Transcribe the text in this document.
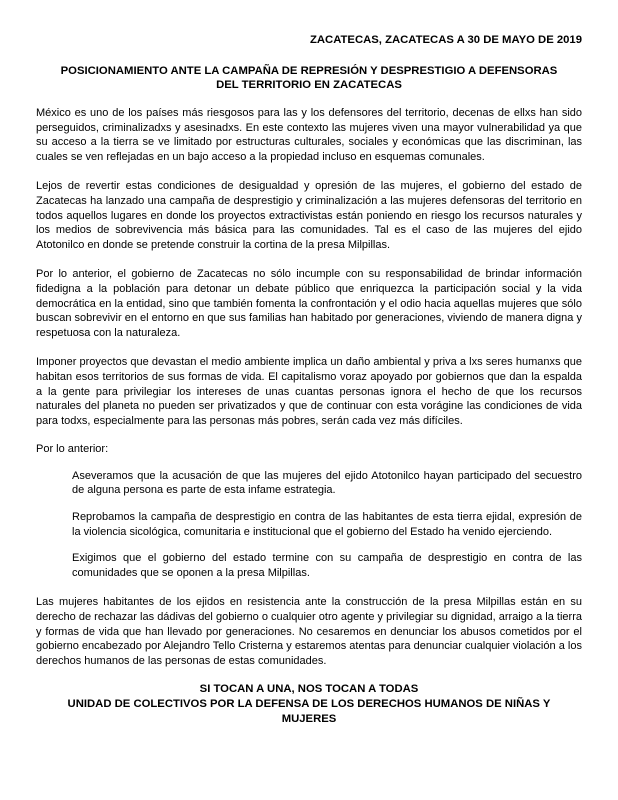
ZACATECAS, ZACATECAS A 30 DE MAYO DE 2019

POSICIONAMIENTO ANTE LA CAMPAÑA DE REPRESIÓN Y DESPRESTIGIO A DEFENSORAS
DEL TERRITORIO EN ZACATECAS

México es uno de los países más riesgosos para las y los defensores del territorio, decenas de ellxs han sido perseguidos, criminalizadxs y asesinadxs. En este contexto las mujeres viven una mayor vulnerabilidad ya que su acceso a la tierra se ve limitado por estructuras culturales, sociales y económicas que las discriminan, las cuales se ven reflejadas en un bajo acceso a la propiedad incluso en esquemas comunales.

Lejos de revertir estas condiciones de desigualdad y opresión de las mujeres, el gobierno del estado de Zacatecas ha lanzado una campaña de desprestigio y criminalización a las mujeres defensoras del territorio en todos aquellos lugares en donde los proyectos extractivistas están poniendo en riesgo los recursos naturales y los medios de sobrevivencia más básica para las comunidades. Tal es el caso de las mujeres del ejido Atotonilco en donde se pretende construir la cortina de la presa Milpillas.

Por lo anterior, el gobierno de Zacatecas no sólo incumple con su responsabilidad de brindar información fidedigna a la población para detonar un debate público que enriquezca la participación social y la vida democrática en la entidad, sino que también fomenta la confrontación y el odio hacia aquellas mujeres que sólo buscan sobrevivir en el entorno en que sus familias han habitado por generaciones, viviendo de manera digna y respetuosa con la naturaleza.

Imponer proyectos que devastan el medio ambiente implica un daño ambiental y priva a lxs seres humanxs que habitan esos territorios de sus formas de vida. El capitalismo voraz apoyado por gobiernos que dan la espalda a la gente para privilegiar los intereses de unas cuantas personas ignora el hecho de que los recursos naturales del planeta no pueden ser privatizados y que de continuar con esta vorágine las condiciones de vida para todxs, especialmente para las personas más pobres, serán cada vez más difíciles.

Por lo anterior:

Aseveramos que la acusación de que las mujeres del ejido Atotonilco hayan participado del secuestro de alguna persona es parte de esta infame estrategia.

Reprobamos la campaña de desprestigio en contra de las habitantes de esta tierra ejidal, expresión de la violencia sicológica, comunitaria e institucional que el gobierno del Estado ha venido ejerciendo.

Exigimos que el gobierno del estado termine con su campaña de desprestigio en contra de las comunidades que se oponen a la presa Milpillas.

Las mujeres habitantes de los ejidos en resistencia ante la construcción de la presa Milpillas están en su derecho de rechazar las dádivas del gobierno o cualquier otro agente y privilegiar su dignidad, arraigo a la tierra y formas de vida que han llevado por generaciones. No cesaremos en denunciar los abusos cometidos por el gobierno encabezado por Alejandro Tello Cristerna y estaremos atentas para denunciar cualquier violación a los derechos humanos de las personas de estas comunidades.

SI TOCAN A UNA, NOS TOCAN A TODAS
UNIDAD DE COLECTIVOS POR LA DEFENSA DE LOS DERECHOS HUMANOS DE NIÑAS Y
MUJERES
